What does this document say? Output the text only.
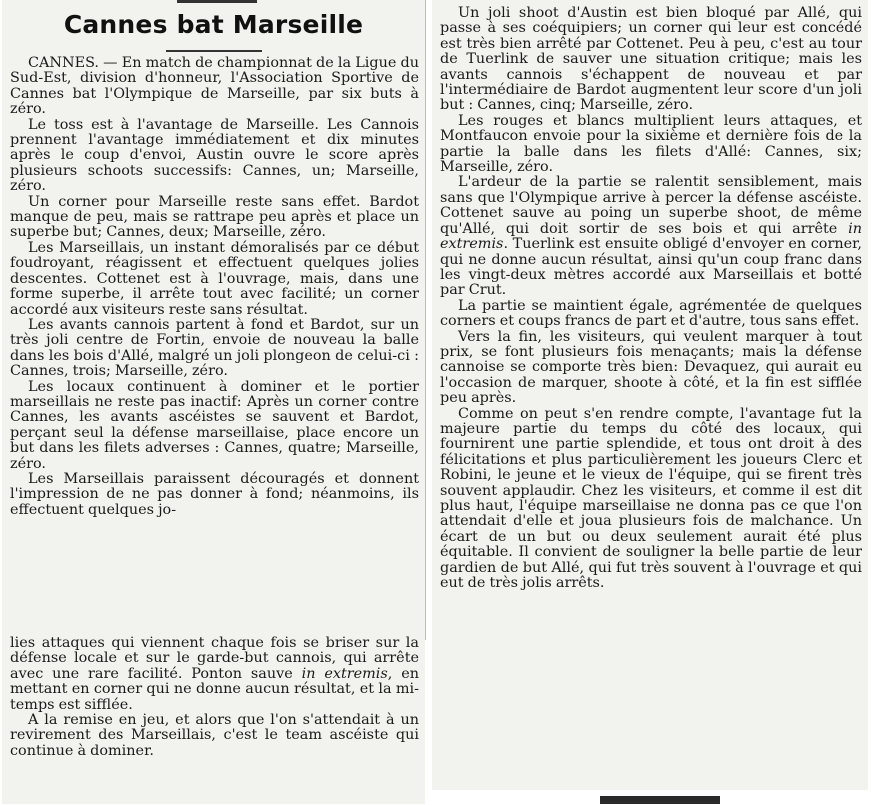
Cannes bat Marseille

CANNES. — En match de championnat de la Ligue du Sud-Est, division d'honneur, l'Association Sportive de Cannes bat l'Olympique de Marseille, par six buts à zéro.

Le toss est à l'avantage de Marseille. Les Cannois prennent l'avantage immédiatement et dix minutes après le coup d'envoi, Austin ouvre le score après plusieurs schoots successifs: Cannes, un; Marseille, zéro.

Un corner pour Marseille reste sans effet. Bardot manque de peu, mais se rattrape peu après et place un superbe but; Cannes, deux; Marseille, zéro.

Les Marseillais, un instant démoralisés par ce début foudroyant, réagissent et effectuent quelques jolies descentes. Cottenet est à l'ouvrage, mais, dans une forme superbe, il arrête tout avec facilité; un corner accordé aux visiteurs reste sans résultat.

Les avants cannois partent à fond et Bardot, sur un très joli centre de Fortin, envoie de nouveau la balle dans les bois d'Allé, malgré un joli plongeon de celui-ci : Cannes, trois; Marseille, zéro.

Les locaux continuent à dominer et le portier marseillais ne reste pas inactif: Après un corner contre Cannes, les avants ascéistes se sauvent et Bardot, perçant seul la défense marseillaise, place encore un but dans les filets adverses : Cannes, quatre; Marseille, zéro.

Les Marseillais paraissent découragés et donnent l'impression de ne pas donner à fond; néanmoins, ils effectuent quelques jo-

lies attaques qui viennent chaque fois se briser sur la défense locale et sur le garde-but cannois, qui arrête avec une rare facilité. Ponton sauve in extremis, en mettant en corner qui ne donne aucun résultat, et la mi-temps est sifflée.

A la remise en jeu, et alors que l'on s'attendait à un revirement des Marseillais, c'est le team ascéiste qui continue à dominer.

Un joli shoot d'Austin est bien bloqué par Allé, qui passe à ses coéquipiers; un corner qui leur est concédé est très bien arrêté par Cottenet. Peu à peu, c'est au tour de Tuerlink de sauver une situation critique; mais les avants cannois s'échappent de nouveau et par l'intermédiaire de Bardot augmentent leur score d'un joli but : Cannes, cinq; Marseille, zéro.

Les rouges et blancs multiplient leurs attaques, et Montfaucon envoie pour la sixième et dernière fois de la partie la balle dans les filets d'Allé: Cannes, six; Marseille, zéro.

L'ardeur de la partie se ralentit sensiblement, mais sans que l'Olympique arrive à percer la défense ascéiste. Cottenet sauve au poing un superbe shoot, de même qu'Allé, qui doit sortir de ses bois et qui arrête in extremis. Tuerlink est ensuite obligé d'envoyer en corner, qui ne donne aucun résultat, ainsi qu'un coup franc dans les vingt-deux mètres accordé aux Marseillais et botté par Crut.

La partie se maintient égale, agrémentée de quelques corners et coups francs de part et d'autre, tous sans effet.

Vers la fin, les visiteurs, qui veulent marquer à tout prix, se font plusieurs fois menaçants; mais la défense cannoise se comporte très bien: Devaquez, qui aurait eu l'occasion de marquer, shoote à côté, et la fin est sifflée peu après.

Comme on peut s'en rendre compte, l'avantage fut la majeure partie du temps du côté des locaux, qui fournirent une partie splendide, et tous ont droit à des félicitations et plus particulièrement les joueurs Clerc et Robini, le jeune et le vieux de l'équipe, qui se firent très souvent applaudir. Chez les visiteurs, et comme il est dit plus haut, l'équipe marseillaise ne donna pas ce que l'on attendait d'elle et joua plusieurs fois de malchance. Un écart de un but ou deux seulement aurait été plus équitable. Il convient de souligner la belle partie de leur gardien de but Allé, qui fut très souvent à l'ouvrage et qui eut de très jolis arrêts.
